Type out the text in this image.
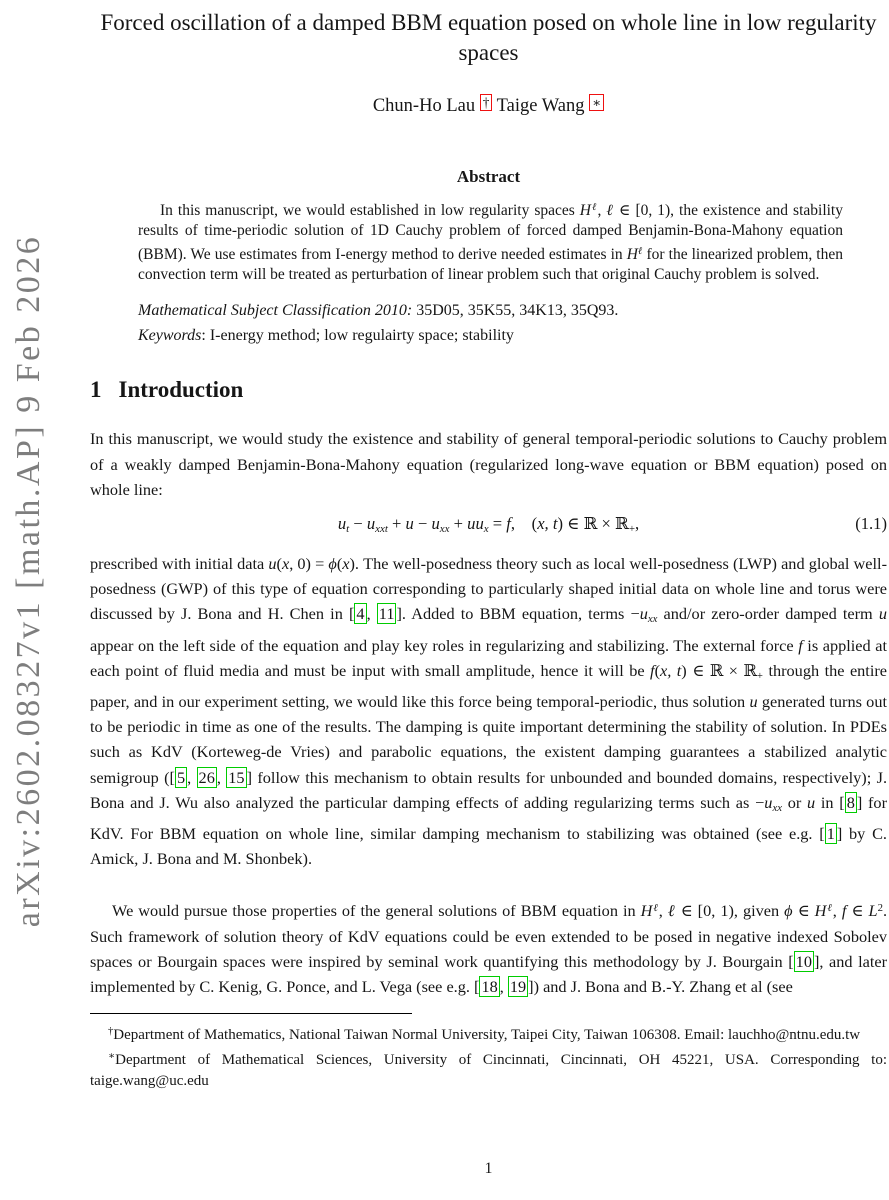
arXiv:2602.08327v1 [math.AP] 9 Feb 2026
Forced oscillation of a damped BBM equation posed on whole line in low regularity spaces
Chun-Ho Lau † Taige Wang ∗
Abstract

In this manuscript, we would established in low regularity spaces $H^\ell$, ℓ ∈ [0, 1), the existence and stability results of time-periodic solution of 1D Cauchy problem of forced damped Benjamin-Bona-Mahony equation (BBM). We use estimates from I-energy method to derive needed estimates in $H^\ell$ for the linearized problem, then convection term will be treated as perturbation of linear problem such that original Cauchy problem is solved.

Mathematical Subject Classification 2010: 35D05, 35K55, 34K13, 35Q93.
Keywords: I-energy method; low regulairty space; stability
1 Introduction

In this manuscript, we would study the existence and stability of general temporal-periodic solutions to Cauchy problem of a weakly damped Benjamin-Bona-Mahony equation (regularized long-wave equation or BBM equation) posed on whole line:

ut − uxxt + u − uxx + uux = f,    (x, t) ∈ ℝ × ℝ+,	(1.1)

prescribed with initial data u(x, 0) = ϕ(x). The well-posedness theory such as local well-posedness (LWP) and global well-posedness (GWP) of this type of equation corresponding to particularly shaped initial data on whole line and torus were discussed by J. Bona and H. Chen in [ 4 , 11 ]. Added to BBM equation, terms −uxx and/or zero-order damped term u appear on the left side of the equation and play key roles in regularizing and stabilizing. The external force f is applied at each point of fluid media and must be input with small amplitude, hence it will be f(x, t) ∈ ℝ × ℝ+ through the entire paper, and in our experiment setting, we would like this force being temporal-periodic, thus solution u generated turns out to be periodic in time as one of the results. The damping is quite important determining the stability of solution. In PDEs such as KdV (Korteweg-de Vries) and parabolic equations, the existent damping guarantees a stabilized analytic semigroup ([ 5 , 26 , 15 ] follow this mechanism to obtain results for unbounded and bounded domains, respectively); J. Bona and J. Wu also analyzed the particular damping effects of adding regularizing terms such as −uxx or u in [ 8 ] for KdV. For BBM equation on whole line, similar damping mechanism to stabilizing was obtained (see e.g. [ 1 ] by C. Amick, J. Bona and M. Shonbek).

We would pursue those properties of the general solutions of BBM equation in $H^\ell$, ℓ ∈ [0, 1), given ϕ ∈ $H^\ell$, f ∈ $L^2$. Such framework of solution theory of KdV equations could be even extended to be posed in negative indexed Sobolev spaces or Bourgain spaces were inspired by seminal work quantifying this methodology by J. Bourgain [ 10 ], and later implemented by C. Kenig, G. Ponce, and L. Vega (see e.g. [ 18 , 19 ]) and J. Bona and B.-Y. Zhang et al (see

†Department of Mathematics, National Taiwan Normal University, Taipei City, Taiwan 106308. Email: lauchho@ntnu.edu.tw

∗Department of Mathematical Sciences, University of Cincinnati, Cincinnati, OH 45221, USA. Corresponding to: taige.wang@uc.edu

1
